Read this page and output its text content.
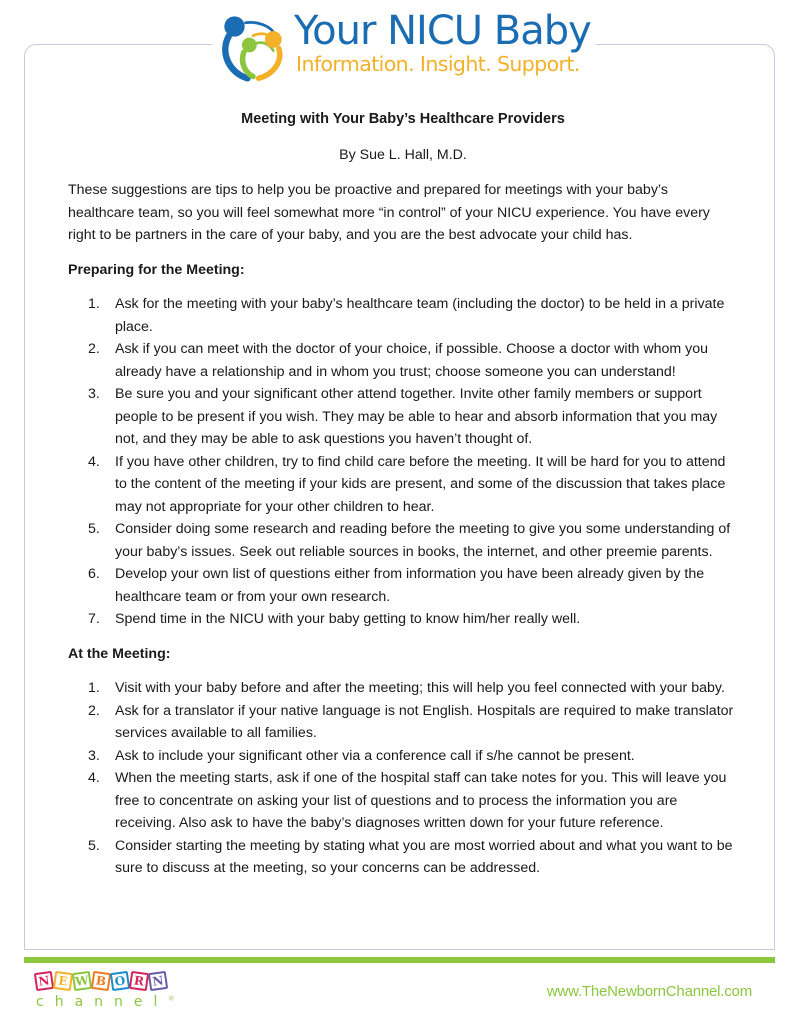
Your NICU Baby
Information. Insight. Support.
Meeting with Your Baby’s Healthcare Providers
By Sue L. Hall, M.D.

These suggestions are tips to help you be proactive and prepared for meetings with your baby’s healthcare team, so you will feel somewhat more “in control” of your NICU experience. You have every right to be partners in the care of your baby, and you are the best advocate your child has.

Preparing for the Meeting:
1. Ask for the meeting with your baby’s healthcare team (including the doctor) to be held in a private place.
2. Ask if you can meet with the doctor of your choice, if possible. Choose a doctor with whom you already have a relationship and in whom you trust; choose someone you can understand!
3. Be sure you and your significant other attend together. Invite other family members or support people to be present if you wish. They may be able to hear and absorb information that you may not, and they may be able to ask questions you haven’t thought of.
4. If you have other children, try to find child care before the meeting. It will be hard for you to attend to the content of the meeting if your kids are present, and some of the discussion that takes place may not appropriate for your other children to hear.
5. Consider doing some research and reading before the meeting to give you some understanding of your baby’s issues. Seek out reliable sources in books, the internet, and other preemie parents.
6. Develop your own list of questions either from information you have been already given by the healthcare team or from your own research.
7. Spend time in the NICU with your baby getting to know him/her really well.
At the Meeting:
1. Visit with your baby before and after the meeting; this will help you feel connected with your baby.
2. Ask for a translator if your native language is not English. Hospitals are required to make translator services available to all families.
3. Ask to include your significant other via a conference call if s/he cannot be present.
4. When the meeting starts, ask if one of the hospital staff can take notes for you. This will leave you free to concentrate on asking your list of questions and to process the information you are receiving. Also ask to have the baby’s diagnoses written down for your future reference.
5. Consider starting the meeting by stating what you are most worried about and what you want to be sure to discuss at the meeting, so your concerns can be addressed.
N E W B O R N
channel®	www.TheNewbornChannel.com
